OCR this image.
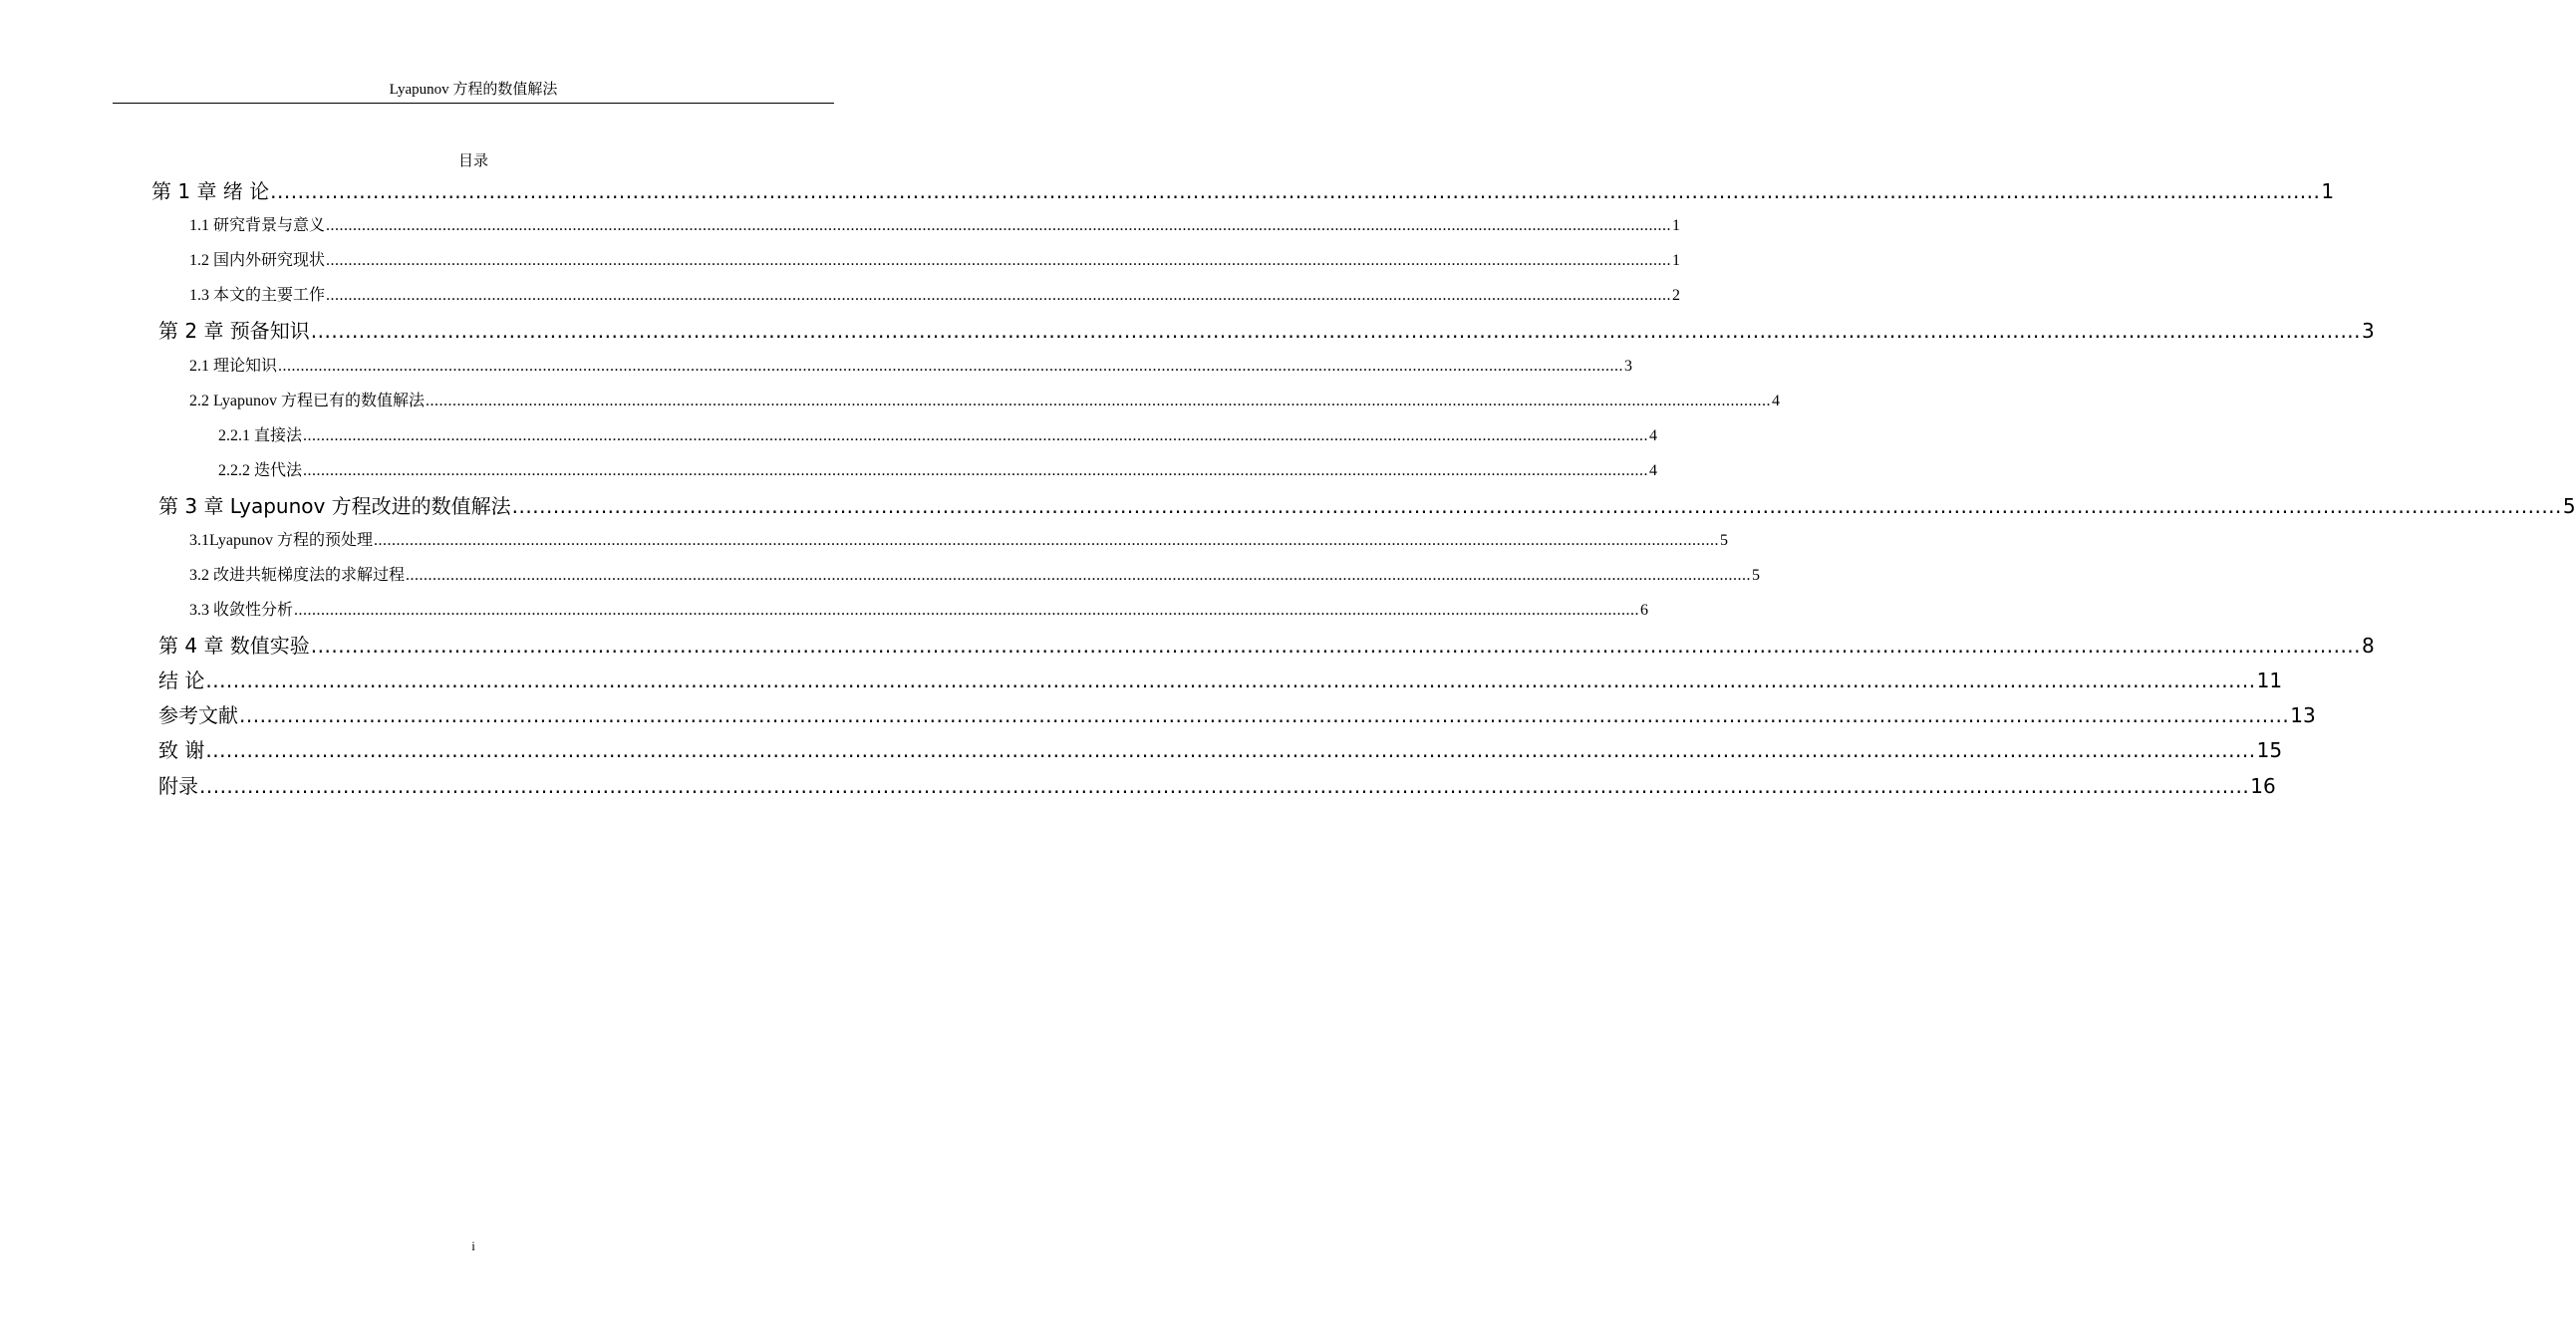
Lyapunov 方程的数值解法
目录
第 1 章 绪 论 ............................................................................................................................................................................................................................................................................................................ 1
1.1 研究背景与意义 ............................................................................................................................................................................................................................................................................................................ 1
1.2 国内外研究现状 ............................................................................................................................................................................................................................................................................................................ 1
1.3 本文的主要工作 ............................................................................................................................................................................................................................................................................................................ 2
第 2 章 预备知识 ............................................................................................................................................................................................................................................................................................................ 3
2.1 理论知识 ............................................................................................................................................................................................................................................................................................................ 3
2.2 Lyapunov 方程已有的数值解法 ............................................................................................................................................................................................................................................................................................................ 4
2.2.1 直接法 ............................................................................................................................................................................................................................................................................................................ 4
2.2.2 迭代法 ............................................................................................................................................................................................................................................................................................................ 4
第 3 章 Lyapunov 方程改进的数值解法 ............................................................................................................................................................................................................................................................................................................ 5
3.1Lyapunov 方程的预处理 ............................................................................................................................................................................................................................................................................................................ 5
3.2 改进共轭梯度法的求解过程 ............................................................................................................................................................................................................................................................................................................ 5
3.3 收敛性分析 ............................................................................................................................................................................................................................................................................................................ 6
第 4 章 数值实验 ............................................................................................................................................................................................................................................................................................................ 8
结 论 ............................................................................................................................................................................................................................................................................................................ 11
参考文献 ............................................................................................................................................................................................................................................................................................................ 13
致 谢 ............................................................................................................................................................................................................................................................................................................ 15
附录 ............................................................................................................................................................................................................................................................................................................ 16
i
